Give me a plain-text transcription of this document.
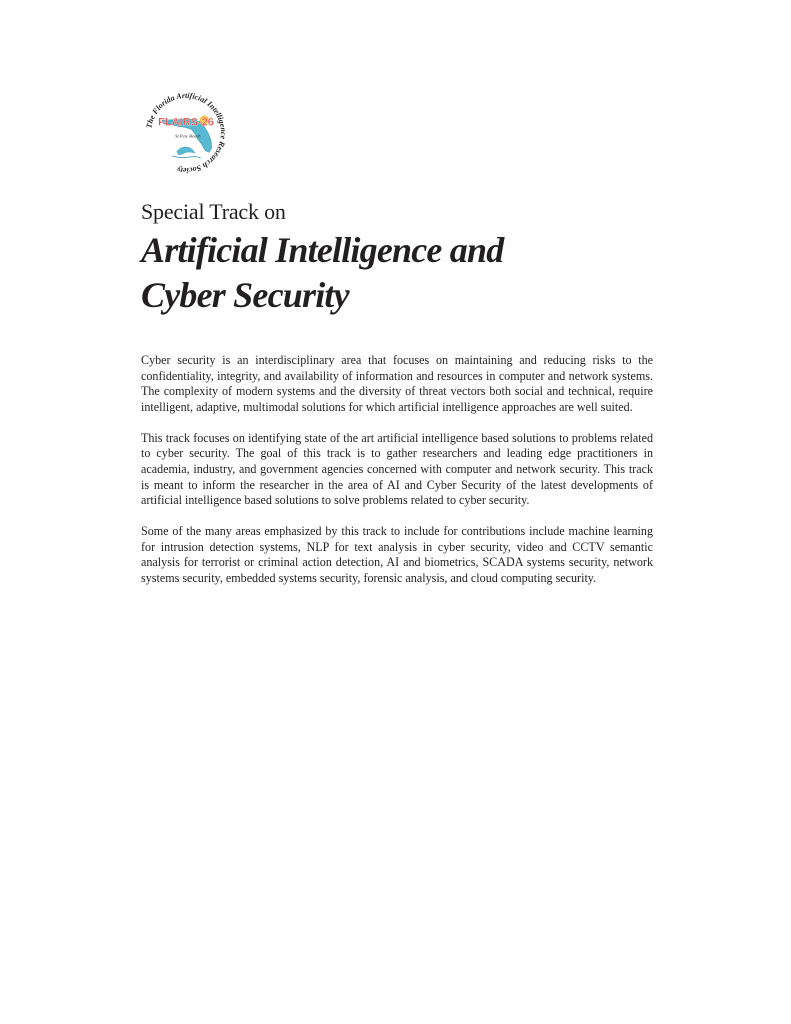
The Florida Artificial Intelligence Research Society
FLAIRS-26
St Pete Beach
Special Track on
Artificial Intelligence and
Cyber Security

Cyber security is an interdisciplinary area that focuses on maintaining and reducing risks to the confidentiality, integrity, and availability of information and resources in computer and network systems. The complexity of modern systems and the diversity of threat vectors both social and technical, require intelligent, adaptive, multimodal solutions for which artificial intelligence approaches are well suited.

This track focuses on identifying state of the art artificial intelligence based solutions to problems related to cyber security. The goal of this track is to gather researchers and leading edge practitioners in academia, industry, and government agencies concerned with computer and network security. This track is meant to inform the researcher in the area of AI and Cyber Security of the latest developments of artificial intelligence based solutions to solve problems related to cyber security.

Some of the many areas emphasized by this track to include for contributions include machine learning for intrusion detection systems, NLP for text analysis in cyber security, video and CCTV semantic analysis for terrorist or criminal action detection, AI and biometrics, SCADA systems security, network systems security, embedded systems security, forensic analysis, and cloud computing security.
